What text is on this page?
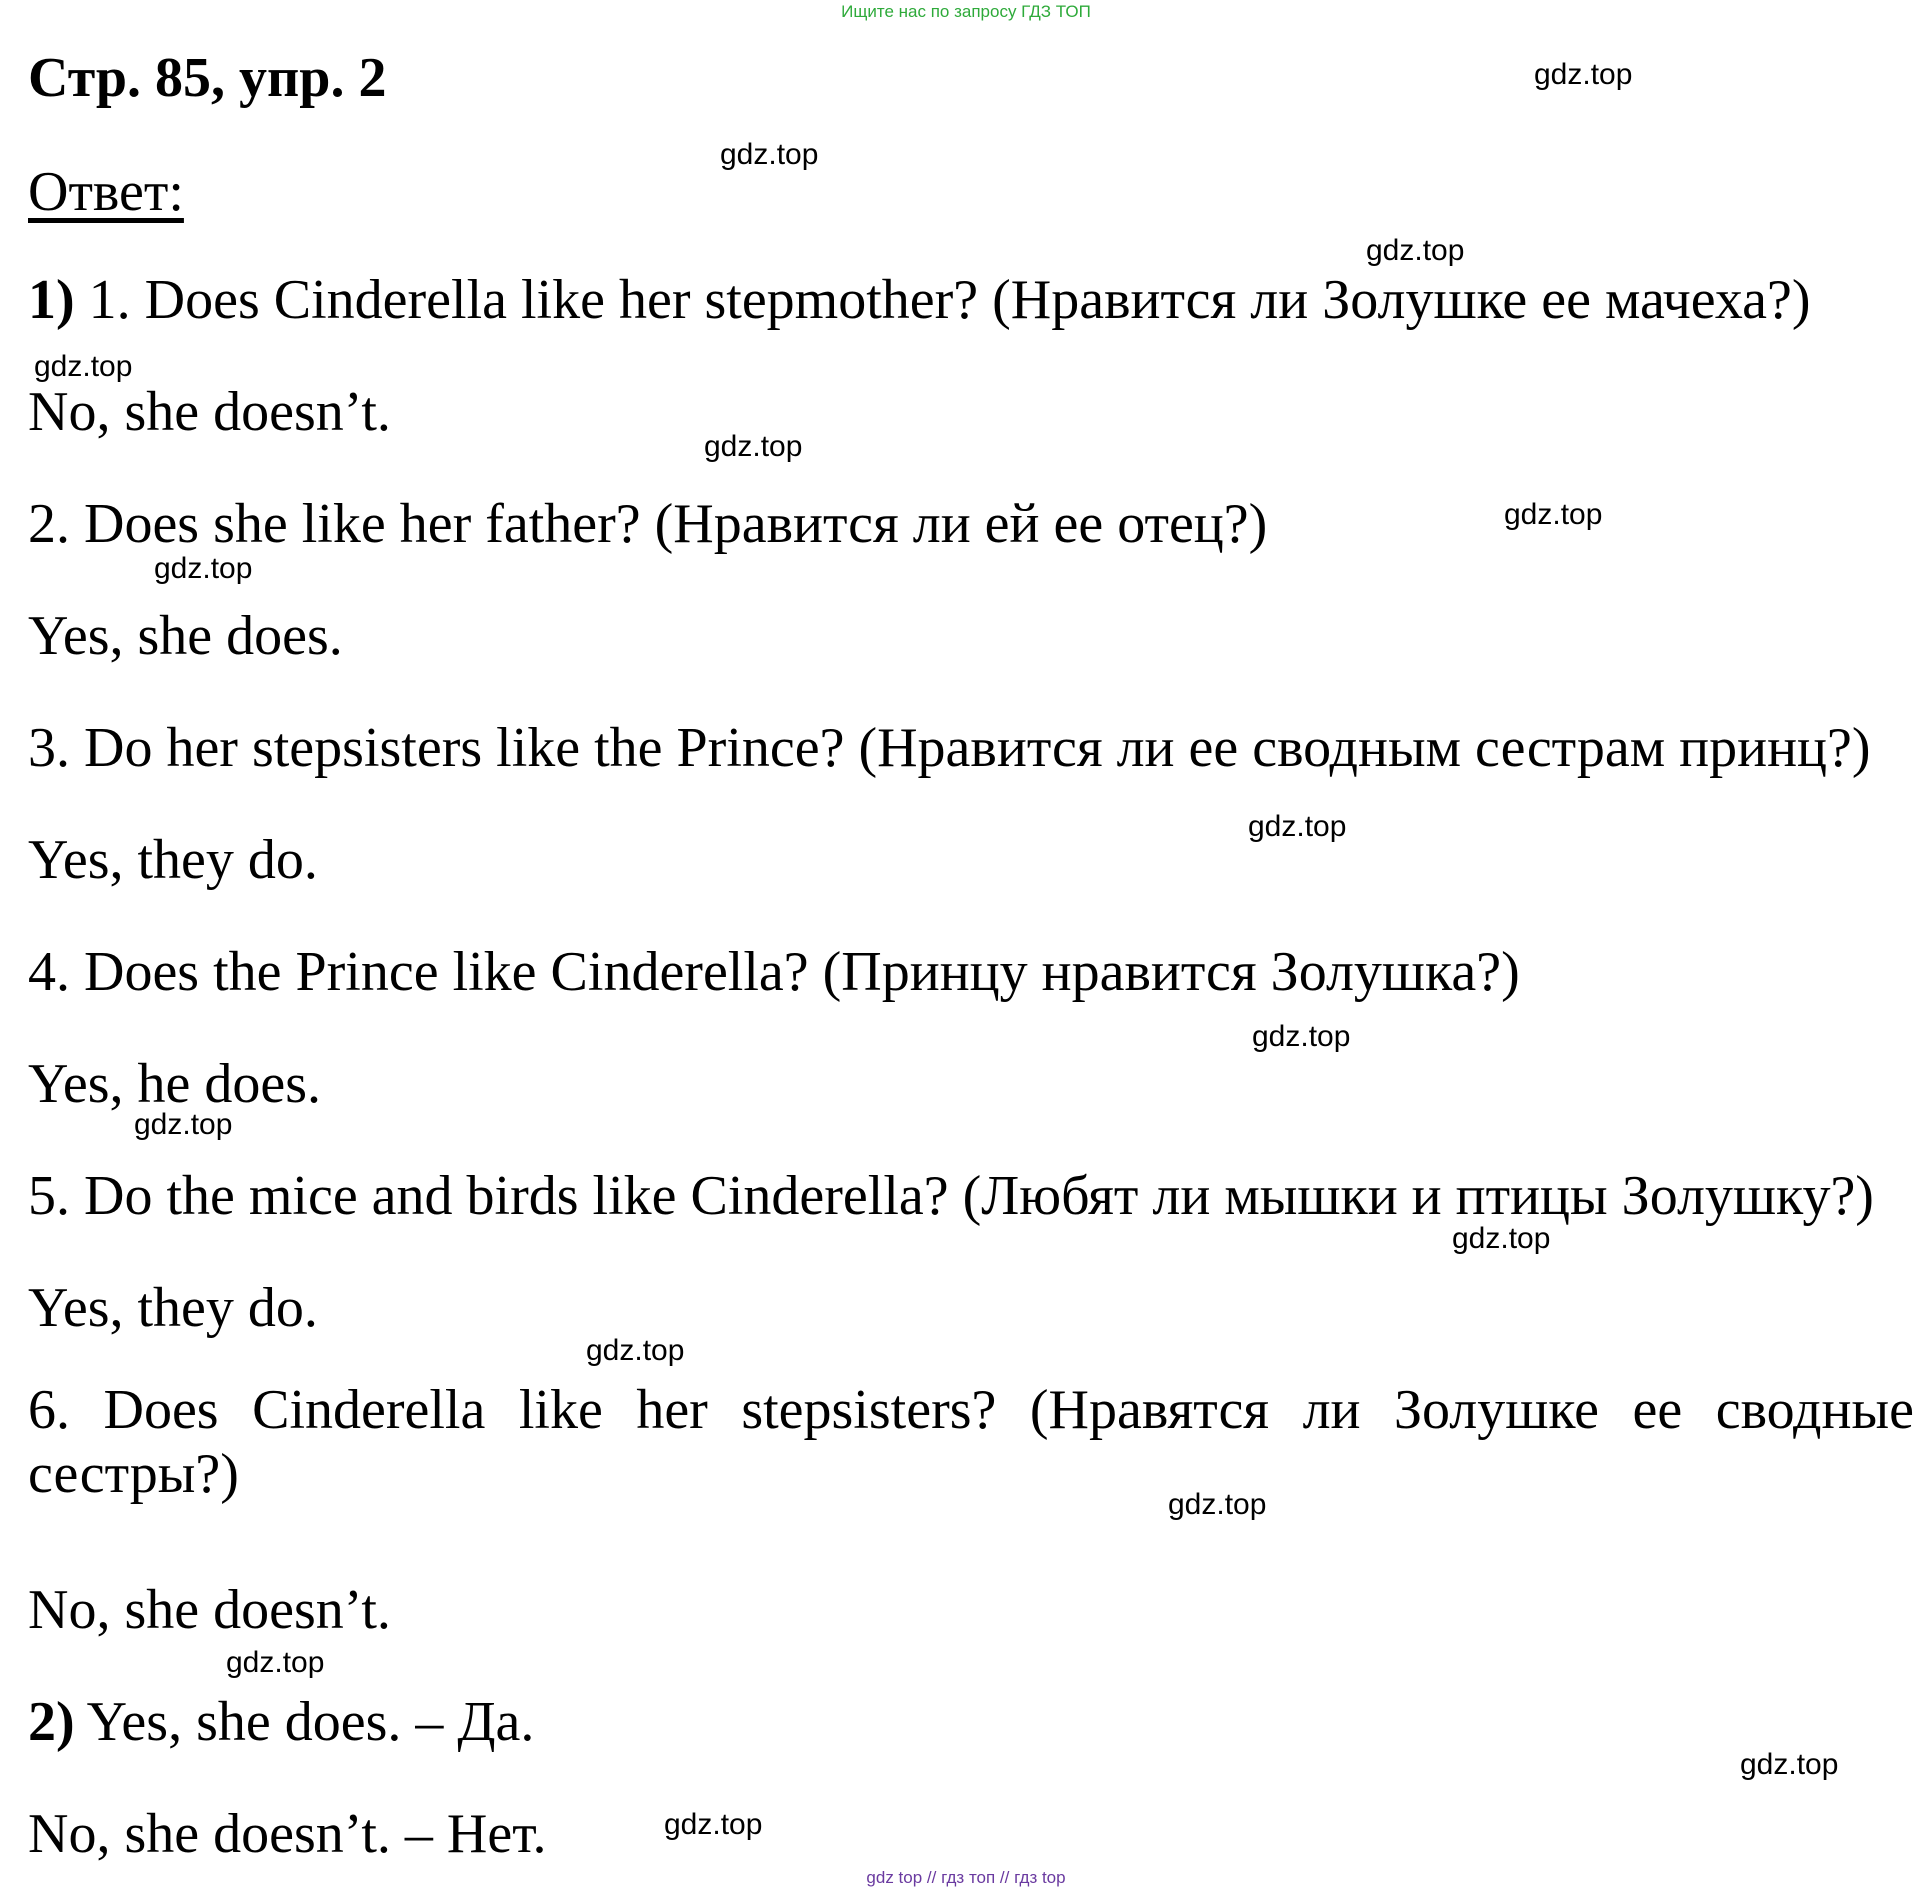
Ищите нас по запросу ГДЗ ТОП
Стр. 85, упр. 2
Ответ:
1) 1. Does Cinderella like her stepmother? (Нравится ли Золушке ее мачеха?)
No, she doesn’t.
2. Does she like her father? (Нравится ли ей ее отец?)
Yes, she does.
3. Do her stepsisters like the Prince? (Нравится ли ее сводным сестрам принц?)
Yes, they do.
4. Does the Prince like Cinderella? (Принцу нравится Золушка?)
Yes, he does.
5. Do the mice and birds like Cinderella? (Любят ли мышки и птицы Золушку?)
Yes, they do.
6. Does Cinderella like her stepsisters? (Нравятся ли Золушке ее сводные сестры?)
No, she doesn’t.
2) Yes, she does. – Да.
No, she doesn’t. – Нет.
gdz.top
gdz.top
gdz.top
gdz.top
gdz.top
gdz.top
gdz.top
gdz.top
gdz.top
gdz.top
gdz.top
gdz.top
gdz.top
gdz.top
gdz.top
gdz.top
gdz top // гдз топ // гдз top
